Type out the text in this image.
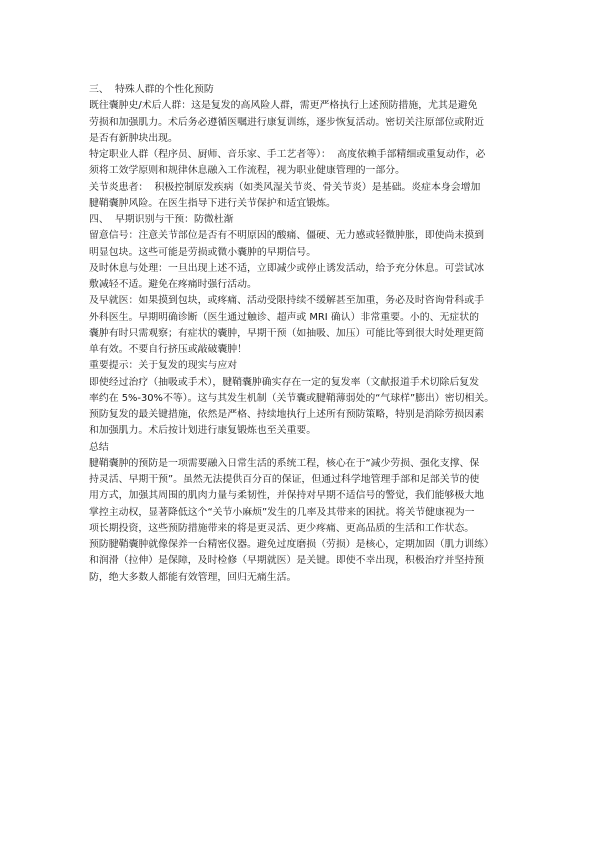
三、  特殊人群的个性化预防
既往囊肿史/术后人群：这是复发的高风险人群，需更严格执行上述预防措施，尤其是避免
劳损和加强肌力。术后务必遵循医嘱进行康复训练，逐步恢复活动。密切关注原部位或附近
是否有新肿块出现。
特定职业人群（程序员、厨师、音乐家、手工艺者等）：  高度依赖手部精细或重复动作，必
须将工效学原则和规律休息融入工作流程，视为职业健康管理的一部分。
关节炎患者：  积极控制原发疾病（如类风湿关节炎、骨关节炎）是基础。炎症本身会增加
腱鞘囊肿风险。在医生指导下进行关节保护和适宜锻炼。
四、  早期识别与干预：防微杜渐
留意信号：注意关节部位是否有不明原因的酸痛、僵硬、无力感或轻微肿胀，即使尚未摸到
明显包块。这些可能是劳损或微小囊肿的早期信号。
及时休息与处理：一旦出现上述不适，立即减少或停止诱发活动，给予充分休息。可尝试冰
敷减轻不适。避免在疼痛时强行活动。
及早就医：如果摸到包块，或疼痛、活动受限持续不缓解甚至加重，务必及时咨询骨科或手
外科医生。早期明确诊断（医生通过触诊、超声或 MRI 确认）非常重要。小的、无症状的
囊肿有时只需观察；有症状的囊肿，早期干预（如抽吸、加压）可能比等到很大时处理更简
单有效。不要自行挤压或敲破囊肿！
重要提示：关于复发的现实与应对
即使经过治疗（抽吸或手术），腱鞘囊肿确实存在一定的复发率（文献报道手术切除后复发
率约在 5%-30%不等）。这与其发生机制（关节囊或腱鞘薄弱处的“气球样”膨出）密切相关。
预防复发的最关键措施，依然是严格、持续地执行上述所有预防策略，特别是消除劳损因素
和加强肌力。术后按计划进行康复锻炼也至关重要。
总结
腱鞘囊肿的预防是一项需要融入日常生活的系统工程，核心在于“减少劳损、强化支撑、保
持灵活、早期干预”。虽然无法提供百分百的保证，但通过科学地管理手部和足部关节的使
用方式，加强其周围的肌肉力量与柔韧性，并保持对早期不适信号的警觉，我们能够极大地
掌控主动权，显著降低这个“关节小麻烦”发生的几率及其带来的困扰。将关节健康视为一
项长期投资，这些预防措施带来的将是更灵活、更少疼痛、更高品质的生活和工作状态。
预防腱鞘囊肿就像保养一台精密仪器。避免过度磨损（劳损）是核心，定期加固（肌力训练）
和润滑（拉伸）是保障，及时检修（早期就医）是关键。即使不幸出现，积极治疗并坚持预
防，绝大多数人都能有效管理，回归无痛生活。
